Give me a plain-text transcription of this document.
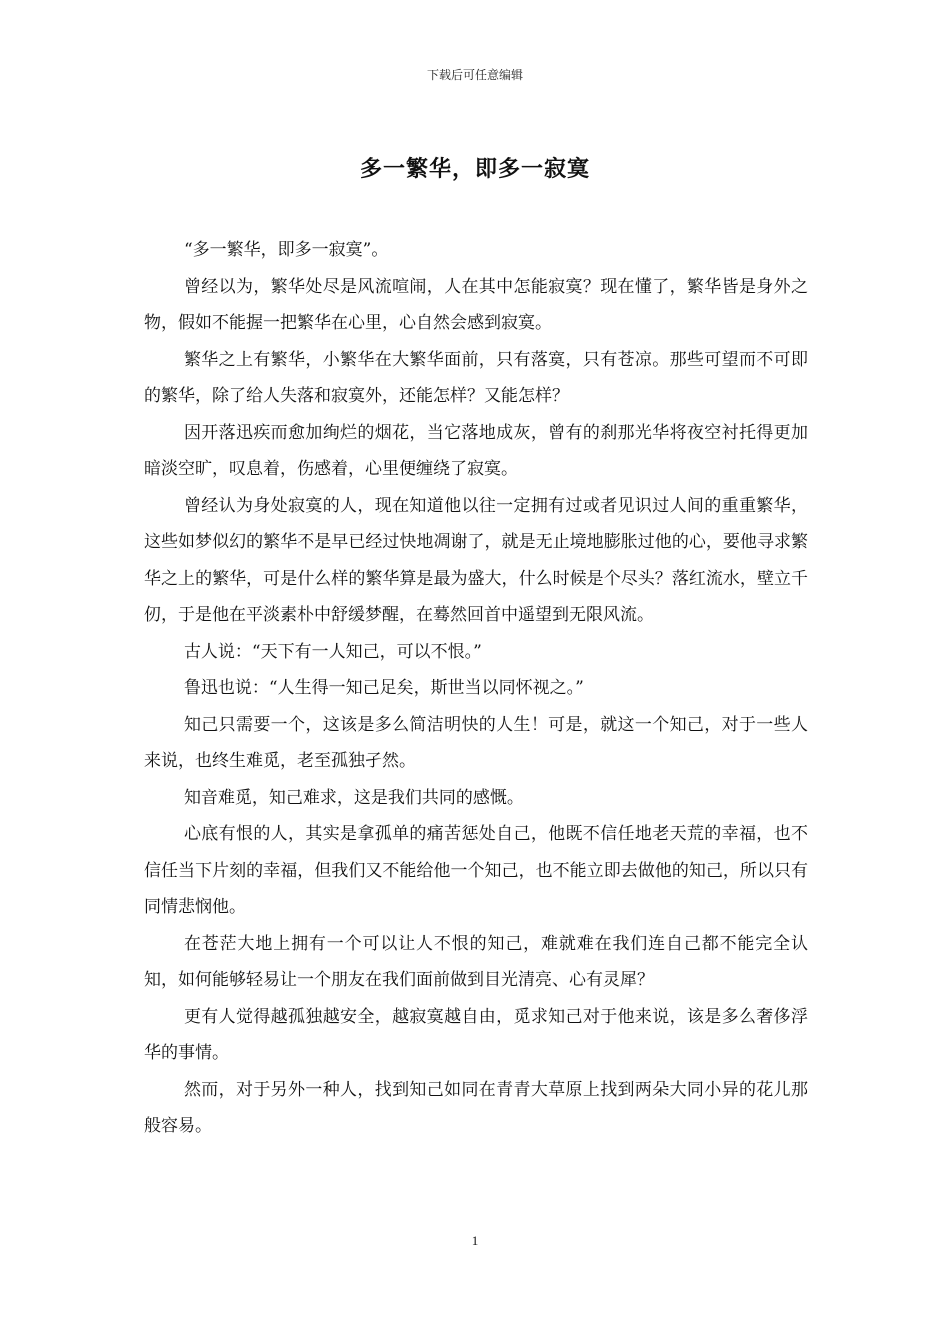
下载后可任意编辑
多一繁华，即多一寂寞

“多一繁华，即多一寂寞”。

曾经以为，繁华处尽是风流喧闹，人在其中怎能寂寞？现在懂了，繁华皆是身外之物，假如不能握一把繁华在心里，心自然会感到寂寞。

繁华之上有繁华，小繁华在大繁华面前，只有落寞，只有苍凉。那些可望而不可即的繁华，除了给人失落和寂寞外，还能怎样？又能怎样？

因开落迅疾而愈加绚烂的烟花，当它落地成灰，曾有的刹那光华将夜空衬托得更加暗淡空旷，叹息着，伤感着，心里便缠绕了寂寞。

曾经认为身处寂寞的人，现在知道他以往一定拥有过或者见识过人间的重重繁华，这些如梦似幻的繁华不是早已经过快地凋谢了，就是无止境地膨胀过他的心，要他寻求繁华之上的繁华，可是什么样的繁华算是最为盛大，什么时候是个尽头？落红流水，壁立千仞，于是他在平淡素朴中舒缓梦醒，在蓦然回首中遥望到无限风流。

古人说：“天下有一人知己，可以不恨。”

鲁迅也说：“人生得一知己足矣，斯世当以同怀视之。”

知己只需要一个，这该是多么简洁明快的人生！可是，就这一个知己，对于一些人来说，也终生难觅，老至孤独孑然。

知音难觅，知己难求，这是我们共同的感慨。

心底有恨的人，其实是拿孤单的痛苦惩处自己，他既不信任地老天荒的幸福，也不信任当下片刻的幸福，但我们又不能给他一个知己，也不能立即去做他的知己，所以只有同情悲悯他。

在苍茫大地上拥有一个可以让人不恨的知己，难就难在我们连自己都不能完全认知，如何能够轻易让一个朋友在我们面前做到目光清亮、心有灵犀？

更有人觉得越孤独越安全，越寂寞越自由，觅求知己对于他来说，该是多么奢侈浮华的事情。

然而，对于另外一种人，找到知己如同在青青大草原上找到两朵大同小异的花儿那般容易。

1
